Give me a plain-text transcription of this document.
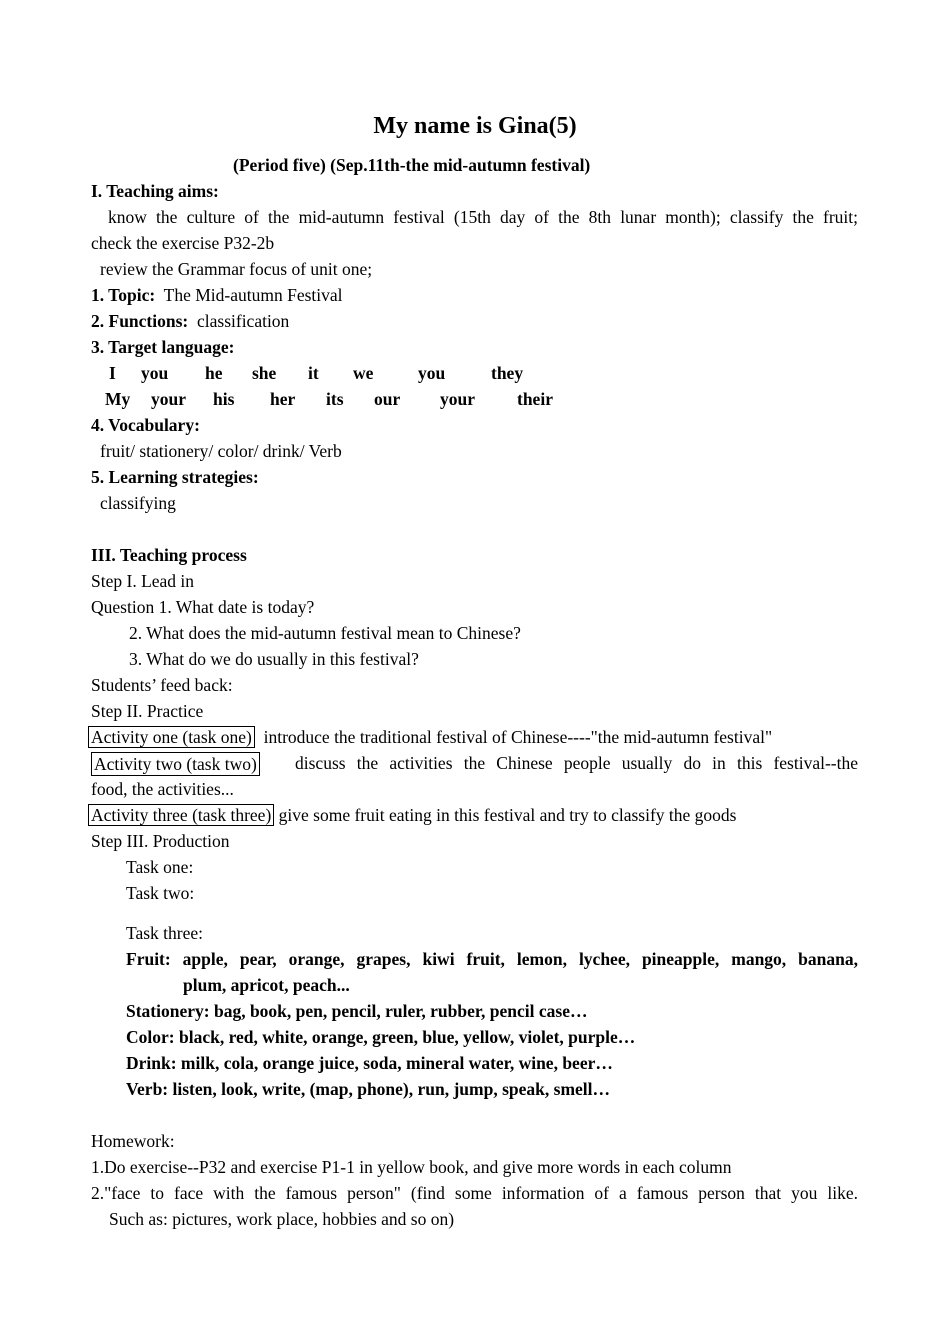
My name is Gina(5)
(Period five) (Sep.11th-the mid-autumn festival)
I. Teaching aims:
know the culture of the mid-autumn festival (15th day of the 8th lunar month); classify the fruit;
check the exercise P32-2b
review the Grammar focus of unit one;
1. Topic: The Mid-autumn Festival
2. Functions: classification
3. Target language:
I you he she it we	you	they
My your his her its our your their
4. Vocabulary:
fruit/ stationery/ color/ drink/ Verb
5. Learning strategies:
classifying
III. Teaching process
Step I. Lead in
Question 1. What date is today?
2. What does the mid-autumn festival mean to Chinese?
3. What do we do usually in this festival?
Students’ feed back:
Step II. Practice
Activity one (task one) introduce the traditional festival of Chinese----"the mid-autumn festival"
Activity two (task two) discuss the activities the Chinese people usually do in this festival--the
food, the activities...
Activity three (task three) give some fruit eating in this festival and try to classify the goods
Step III. Production
Task one:
Task two:
Task three:
Fruit: apple, pear, orange, grapes, kiwi fruit, lemon, lychee, pineapple, mango, banana,
plum, apricot, peach...
Stationery: bag, book, pen, pencil, ruler, rubber, pencil case…
Color: black, red, white, orange, green, blue, yellow, violet, purple…
Drink: milk, cola, orange juice, soda, mineral water, wine, beer…
Verb: listen, look, write, (map, phone), run, jump, speak, smell…
Homework:
1.Do exercise--P32 and exercise P1-1 in yellow book, and give more words in each column
2."face to face with the famous person" (find some information of a famous person that you like.
Such as: pictures, work place, hobbies and so on)
